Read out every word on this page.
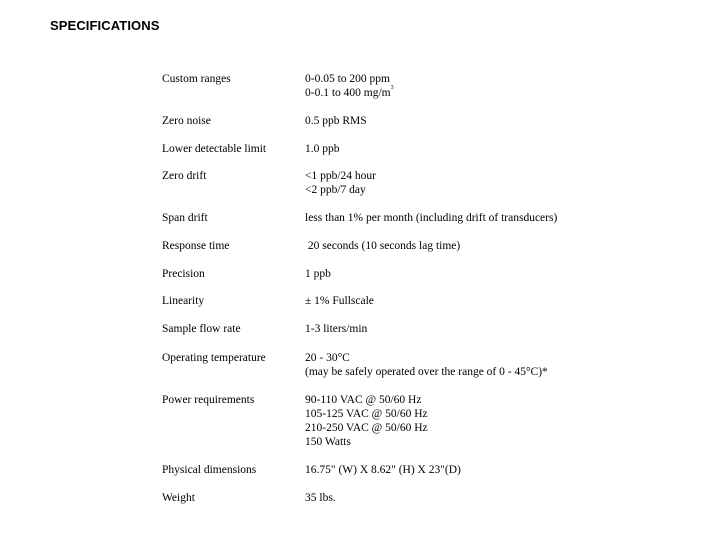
SPECIFICATIONS
Custom ranges	0-0.05 to 200 ppm
0-0.1 to 400 $mg/m^3$
Zero noise	0.5 ppb RMS
Lower detectable limit	1.0 ppb
Zero drift	<1 ppb/24 hour
<2 ppb/7 day
Span drift	less than 1% per month (including drift of transducers)
Response time	20 seconds (10 seconds lag time)
Precision	1 ppb
Linearity	± 1% Fullscale
Sample flow rate	1-3 liters/min
Operating temperature	20 - 30°C
(may be safely operated over the range of 0 - 45°C)*
Power requirements	90-110 VAC @ 50/60 Hz
105-125 VAC @ 50/60 Hz
210-250 VAC @ 50/60 Hz
150 Watts
Physical dimensions	16.75" (W) X 8.62" (H) X 23"(D)
Weight	35 lbs.
